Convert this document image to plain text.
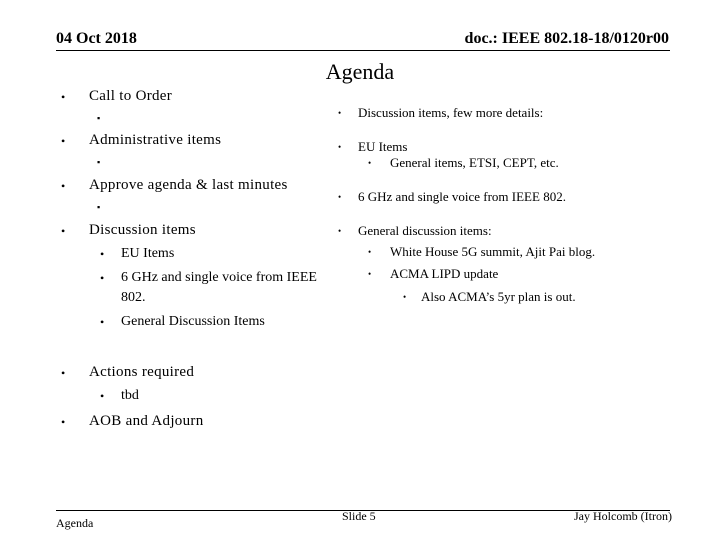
04 Oct 2018	doc.: IEEE 802.18-18/0120r00
Agenda
• Call to Order
▪
• Administrative items
▪
• Approve agenda & last minutes
▪
• Discussion items
• EU Items
• 6 GHz and single voice from IEEE
802.
• General Discussion Items
• Actions required
• tbd
• AOB and Adjourn
• Discussion items, few more details:
• EU Items
• General items, ETSI, CEPT, etc.
• 6 GHz and single voice from IEEE 802.
• General discussion items:
• White House 5G summit, Ajit Pai blog.
• ACMA LIPD update
• Also ACMA’s 5yr plan is out.
Agenda	Slide 5	Jay Holcomb (Itron)
